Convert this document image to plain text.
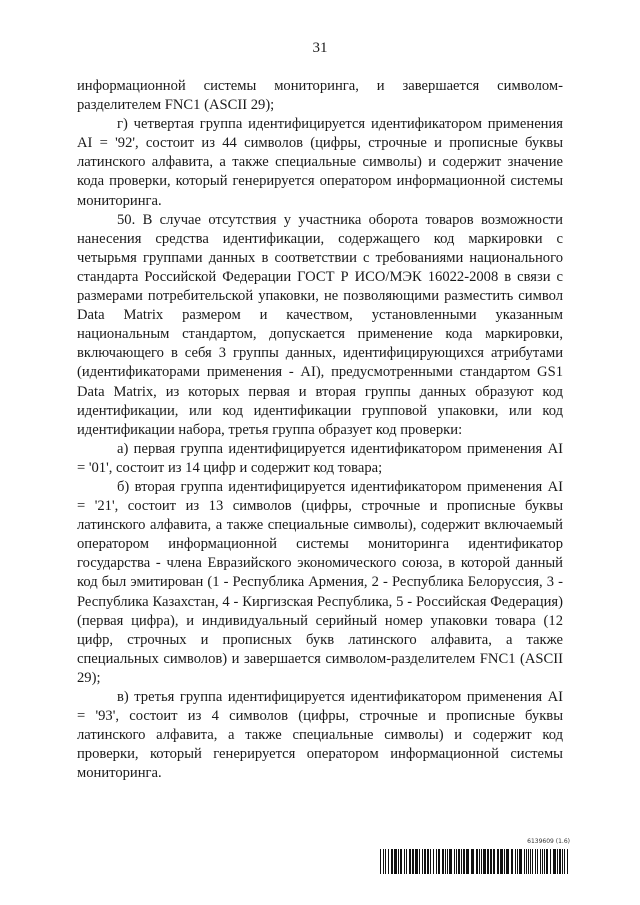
31

информационной системы мониторинга, и завершается символом-разделителем FNC1 (ASCII 29);

г) четвертая группа идентифицируется идентификатором применения AI = '92', состоит из 44 символов (цифры, строчные и прописные буквы латинского алфавита, а также специальные символы) и содержит значение кода проверки, который генерируется оператором информационной системы мониторинга.

50. В случае отсутствия у участника оборота товаров возможности нанесения средства идентификации, содержащего код маркировки с четырьмя группами данных в соответствии с требованиями национального стандарта Российской Федерации ГОСТ Р ИСО/МЭК 16022-2008 в связи с размерами потребительской упаковки, не позволяющими разместить символ Data Matrix размером и качеством, установленными указанным национальным стандартом, допускается применение кода маркировки, включающего в себя 3 группы данных, идентифицирующихся атрибутами (идентификаторами применения - AI), предусмотренными стандартом GS1 Data Matrix, из которых первая и вторая группы данных образуют код идентификации, или код идентификации групповой упаковки, или код идентификации набора, третья группа образует код проверки:

а) первая группа идентифицируется идентификатором применения AI = '01', состоит из 14 цифр и содержит код товара;

б) вторая группа идентифицируется идентификатором применения AI = '21', состоит из 13 символов (цифры, строчные и прописные буквы латинского алфавита, а также специальные символы), содержит включаемый оператором информационной системы мониторинга идентификатор государства - члена Евразийского экономического союза, в которой данный код был эмитирован (1 - Республика Армения, 2 - Республика Белоруссия, 3 - Республика Казахстан, 4 - Киргизская Республика, 5 - Российская Федерация) (первая цифра), и индивидуальный серийный номер упаковки товара (12 цифр, строчных и прописных букв латинского алфавита, а также специальных символов) и завершается символом-разделителем FNC1 (ASCII 29);

в) третья группа идентифицируется идентификатором применения AI = '93', состоит из 4 символов (цифры, строчные и прописные буквы латинского алфавита, а также специальные символы) и содержит код проверки, который генерируется оператором информационной системы мониторинга.

6139609 (1.6)
